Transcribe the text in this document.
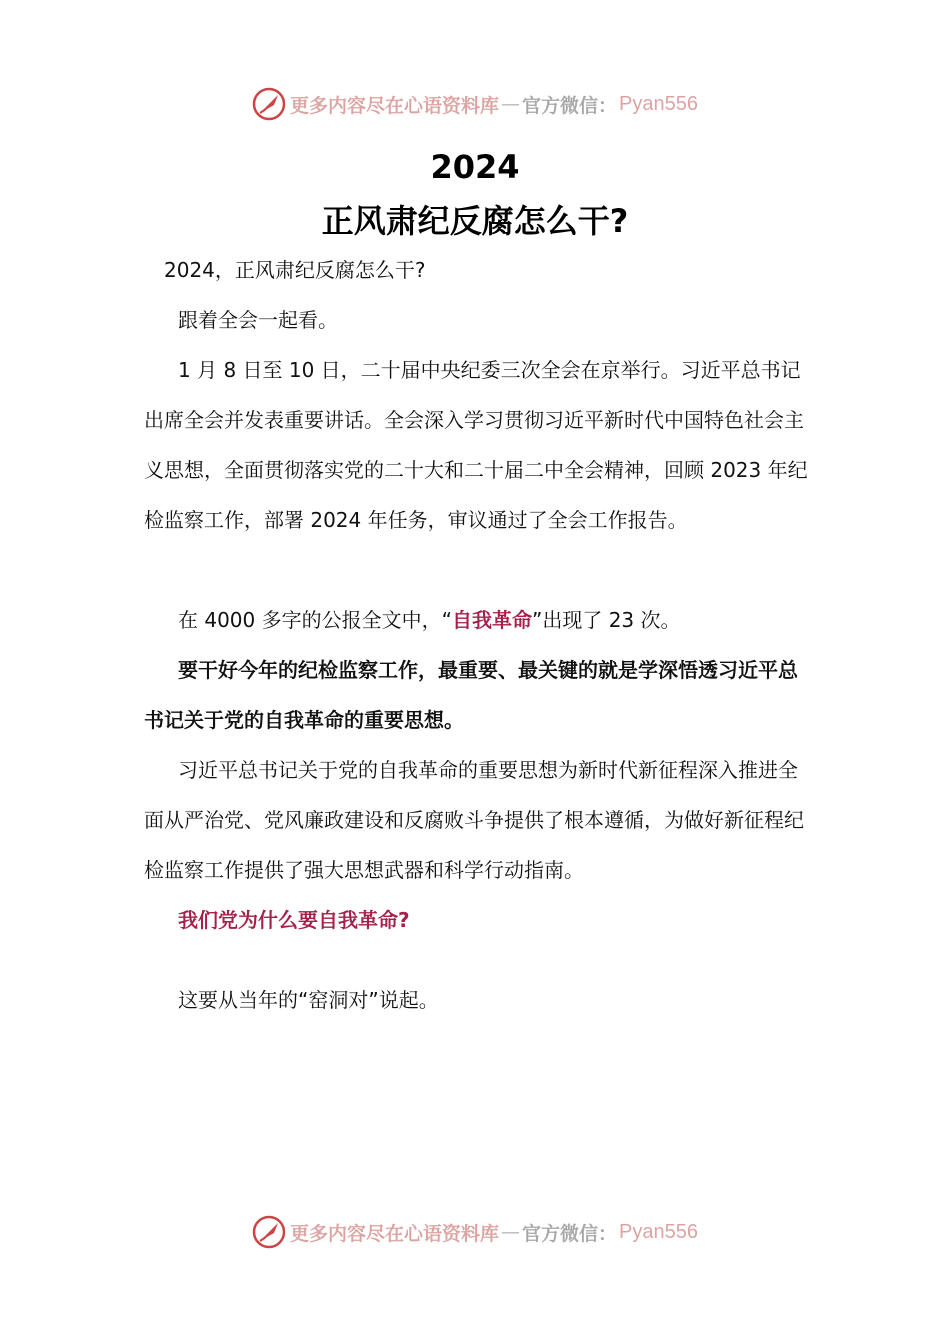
更多内容尽在心语资料库 — 官方微信： Pyan556
2024
正风肃纪反腐怎么干?

2024，正风肃纪反腐怎么干?

跟着全会一起看。

1 月 8 日至 10 日，二十届中央纪委三次全会在京举行。习近平总书记出席全会并发表重要讲话。全会深入学习贯彻习近平新时代中国特色社会主义思想，全面贯彻落实党的二十大和二十届二中全会精神，回顾 2023 年纪检监察工作，部署 2024 年任务，审议通过了全会工作报告。

在 4000 多字的公报全文中，“自我革命”出现了 23 次。

要干好今年的纪检监察工作，最重要、最关键的就是学深悟透习近平总书记关于党的自我革命的重要思想。

习近平总书记关于党的自我革命的重要思想为新时代新征程深入推进全面从严治党、党风廉政建设和反腐败斗争提供了根本遵循，为做好新征程纪检监察工作提供了强大思想武器和科学行动指南。

我们党为什么要自我革命?

这要从当年的“窑洞对”说起。

更多内容尽在心语资料库 — 官方微信： Pyan556
